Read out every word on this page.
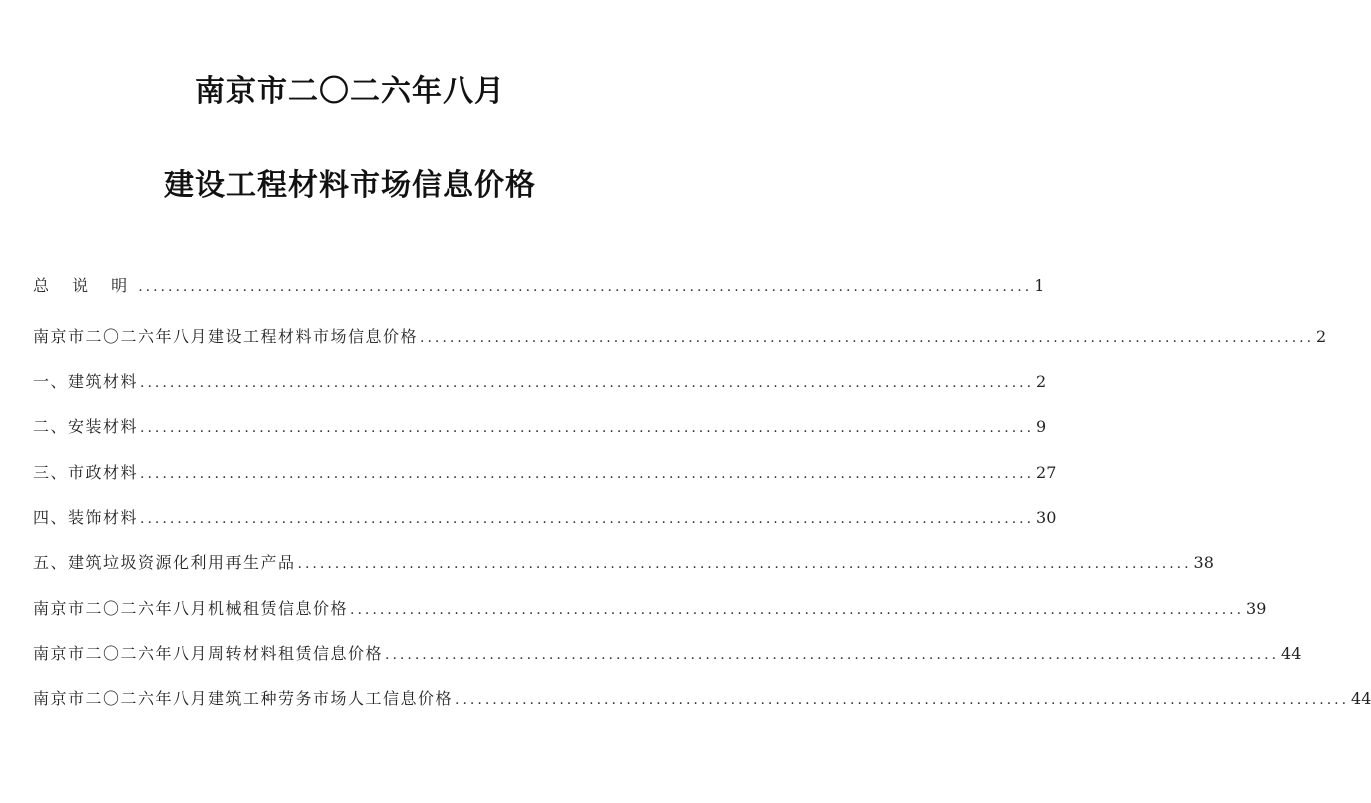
南京市二〇二六年八月
建设工程材料市场信息价格
总 说 明 ........................................................................................................................ 1
南京市二〇二六年八月建设工程材料市场信息价格 ........................................................................................................................ 2
一、建筑材料 ........................................................................................................................ 2
二、安装材料 ........................................................................................................................ 9
三、市政材料 ........................................................................................................................ 27
四、装饰材料 ........................................................................................................................ 30
五、建筑垃圾资源化利用再生产品 ........................................................................................................................ 38
南京市二〇二六年八月机械租赁信息价格 ........................................................................................................................ 39
南京市二〇二六年八月周转材料租赁信息价格 ........................................................................................................................ 44
南京市二〇二六年八月建筑工种劳务市场人工信息价格 ........................................................................................................................ 44
